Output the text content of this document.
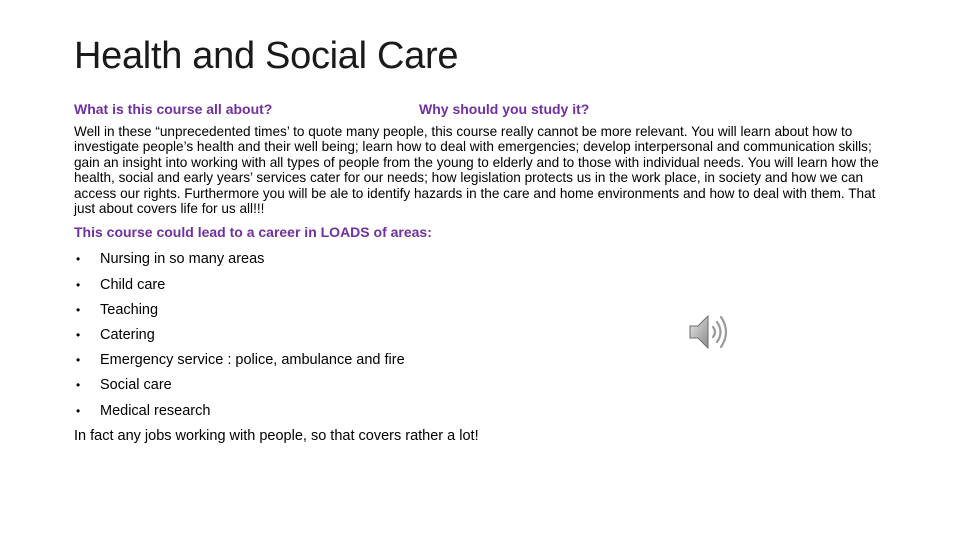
Health and Social Care
What is this course all about?	Why should you study it?

Well in these “unprecedented times’ to quote many people, this course really cannot be more relevant. You will learn about how to investigate people’s health and their well being; learn how to deal with emergencies; develop interpersonal and communication skills; gain an insight into working with all types of people from the young to elderly and to those with individual needs. You will learn how the health, social and early years’ services cater for our needs; how legislation protects us in the work place, in society and how we can access our rights. Furthermore you will be ale to identify hazards in the care and home environments and how to deal with them. That just about covers life for us all!!!

This course could lead to a career in LOADS of areas:
• Nursing in so many areas
• Child care
• Teaching
• Catering
• Emergency service : police, ambulance and fire
• Social care
• Medical research

In fact any jobs working with people, so that covers rather a lot!
